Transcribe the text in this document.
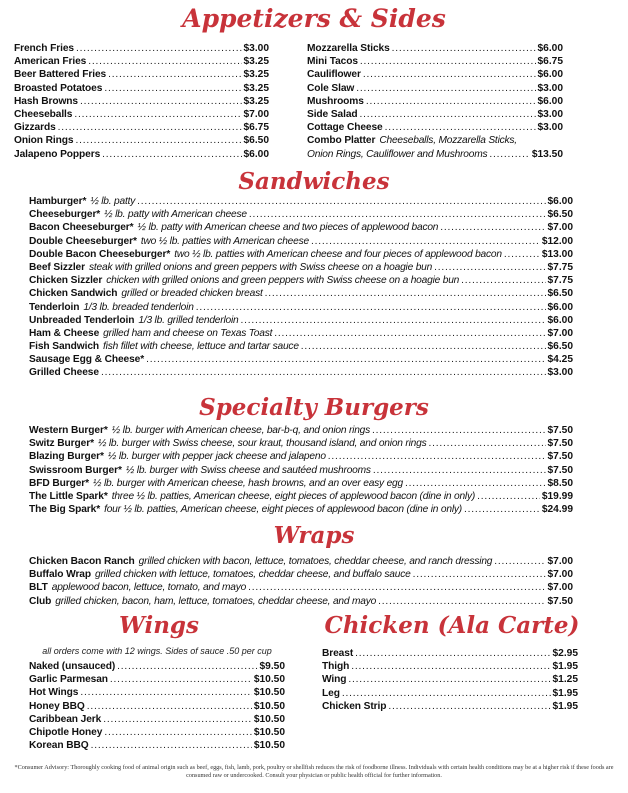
Appetizers & Sides
French Fries .....	$3.00
American Fries .....	$3.25
Beer Battered Fries .....	$3.25
Broasted Potatoes .....	$3.25
Hash Browns .....	$3.25
Cheeseballs .....	$7.00
Gizzards .....	$6.75
Onion Rings .....	$6.50
Jalapeno Poppers .....	$6.00
Mozzarella Sticks .....	$6.00
Mini Tacos .....	$6.75
Cauliflower .....	$6.00
Cole Slaw .....	$3.00
Mushrooms .....	$6.00
Side Salad .....	$3.00
Cottage Cheese .....	$3.00
Combo Platter Cheeseballs, Mozzarella Sticks,
Onion Rings, Cauliflower and Mushrooms .....	$13.50
Sandwiches
Hamburger* ½ lb. patty .....	$6.00
Cheeseburger* ½ lb. patty with American cheese .....	$6.50
Bacon Cheeseburger* ½ lb. patty with American cheese and two pieces of applewood bacon .....	$7.00
Double Cheeseburger* two ½ lb. patties with American cheese .....	$12.00
Double Bacon Cheeseburger* two ½ lb. patties with American cheese and four pieces of applewood bacon .....	$13.00
Beef Sizzler steak with grilled onions and green peppers with Swiss cheese on a hoagie bun .....	$7.75
Chicken Sizzler chicken with grilled onions and green peppers with Swiss cheese on a hoagie bun .....	$7.75
Chicken Sandwich grilled or breaded chicken breast .....	$6.50
Tenderloin 1/3 lb. breaded tenderloin .....	$6.00
Unbreaded Tenderloin 1/3 lb. grilled tenderloin .....	$6.00
Ham & Cheese grilled ham and cheese on Texas Toast .....	$7.00
Fish Sandwich fish fillet with cheese, lettuce and tartar sauce .....	$6.50
Sausage Egg & Cheese* .....	$4.25
Grilled Cheese .....	$3.00
Specialty Burgers
Western Burger* ½ lb. burger with American cheese, bar-b-q, and onion rings .....	$7.50
Switz Burger* ½ lb. burger with Swiss cheese, sour kraut, thousand island, and onion rings .....	$7.50
Blazing Burger* ½ lb. burger with pepper jack cheese and jalapeno .....	$7.50
Swissroom Burger* ½ lb. burger with Swiss cheese and sautéed mushrooms .....	$7.50
BFD Burger* ½ lb. burger with American cheese, hash browns, and an over easy egg .....	$8.50
The Little Spark* three ½ lb. patties, American cheese, eight pieces of applewood bacon (dine in only) .....	$19.99
The Big Spark* four ½ lb. patties, American cheese, eight pieces of applewood bacon (dine in only) .....	$24.99
Wraps
Chicken Bacon Ranch grilled chicken with bacon, lettuce, tomatoes, cheddar cheese, and ranch dressing .....	$7.00
Buffalo Wrap grilled chicken with lettuce, tomatoes, cheddar cheese, and buffalo sauce .....	$7.00
BLT applewood bacon, lettuce, tomato, and mayo .....	$7.00
Club grilled chicken, bacon, ham, lettuce, tomatoes, cheddar cheese, and mayo .....	$7.50
Wings
all orders come with 12 wings. Sides of sauce .50 per cup
Naked (unsauced) .....	$9.50
Garlic Parmesan .....	$10.50
Hot Wings .....	$10.50
Honey BBQ .....	$10.50
Caribbean Jerk .....	$10.50
Chipotle Honey .....	$10.50
Korean BBQ .....	$10.50
Chicken (Ala Carte)
Breast .....	$2.95
Thigh .....	$1.95
Wing .....	$1.25
Leg .....	$1.95
Chicken Strip .....	$1.95
*Consumer Advisory: Thoroughly cooking food of animal origin such as beef, eggs, fish, lamb, pork, poultry or shellfish reduces the risk of foodborne illness. Individuals with certain health conditions may be at a higher risk if these foods are consumed raw or undercooked. Consult your physician or public health official for further information.
